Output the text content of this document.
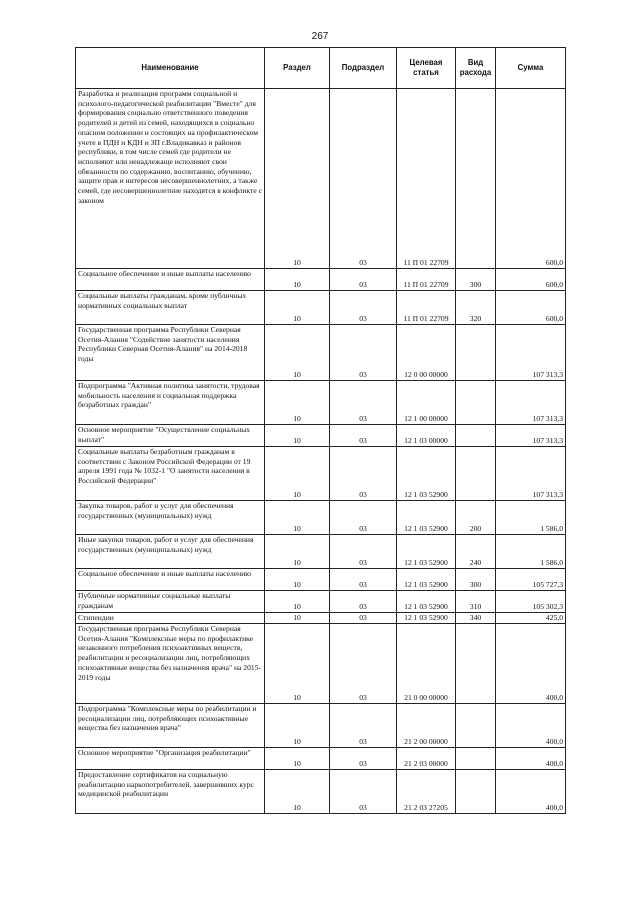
267
Наименование	Раздел	Подраздел	Целевая статья	Вид расхода	Сумма
Разработка и реализация программ социальной и психолого-педагогической реабилитации "Вместе" для формирования социально ответственного поведения родителей и детей из семей, находящихся в социально опасном положении и состоящих на профилактическом учете в ПДН и КДН и ЗП г.Владикавказ и районов республики, в том числе семей где родители не исполняют или ненадлежаще исполняют свои обязанности по содержанию, воспитанию, обучению, защите прав и интересов несовершеннолетних, а также семей, где несовершеннолетние находятся в конфликте с законом	10	03	11 П 01 22709		600,0
Социальное обеспечение и иные выплаты населению	10	03	11 П 01 22709	300	600,0
Социальные выплаты гражданам, кроме публичных нормативных социальных выплат	10	03	11 П 01 22709	320	600,0
Государственная программа Республики Северная Осетия-Алания "Содействие занятости населения Республики Северная Осетия-Алания" на 2014-2018 годы	10	03	12 0 00 00000		107 313,3
Подпрограмма "Активная политика занятости, трудовая мобильность населения и социальная поддержка безработных граждан"	10	03	12 1 00 00000		107 313,3
Основное мероприятие "Осуществление социальных выплат"	10	03	12 1 03 00000		107 313,3
Социальные выплаты безработным гражданам в соответствии с Законом Российской Федерации от 19 апреля 1991 года № 1032-1 "О занятости населения в Российской Федерации"	10	03	12 1 03 52900		107 313,3
Закупка товаров, работ и услуг для обеспечения государственных (муниципальных) нужд	10	03	12 1 03 52900	200	1 586,0
Иные закупки товаров, работ и услуг для обеспечения государственных (муниципальных) нужд	10	03	12 1 03 52900	240	1 586,0
Социальное обеспечение и иные выплаты населению	10	03	12 1 03 52900	300	105 727,3
Публичные нормативные социальные выплаты гражданам	10	03	12 1 03 52900	310	105 302,3
Стипендии	10	03	12 1 03 52900	340	425,0
Государственная программа Республики Северная Осетия-Алания "Комплексные меры по профилактике незаконного потребления психоактивных веществ, реабилитации и ресоциализации лиц, потребляющих психоактивные вещества без назначения врача" на 2015-2019 годы	10	03	21 0 00 00000		400,0
Подпрограмма "Комплексные меры по реабилитации и ресоциализации лиц, потребляющих психоактивные вещества без назначения врача"	10	03	21 2 00 00000		400,0
Основное мероприятие "Организация реабилитации"	10	03	21 2 03 00000		400,0
Предоставление сертификатов на социальную реабилитацию наркопотребителей, завершивших курс медицинской реабилитации	10	03	21 2 03 27205		400,0
